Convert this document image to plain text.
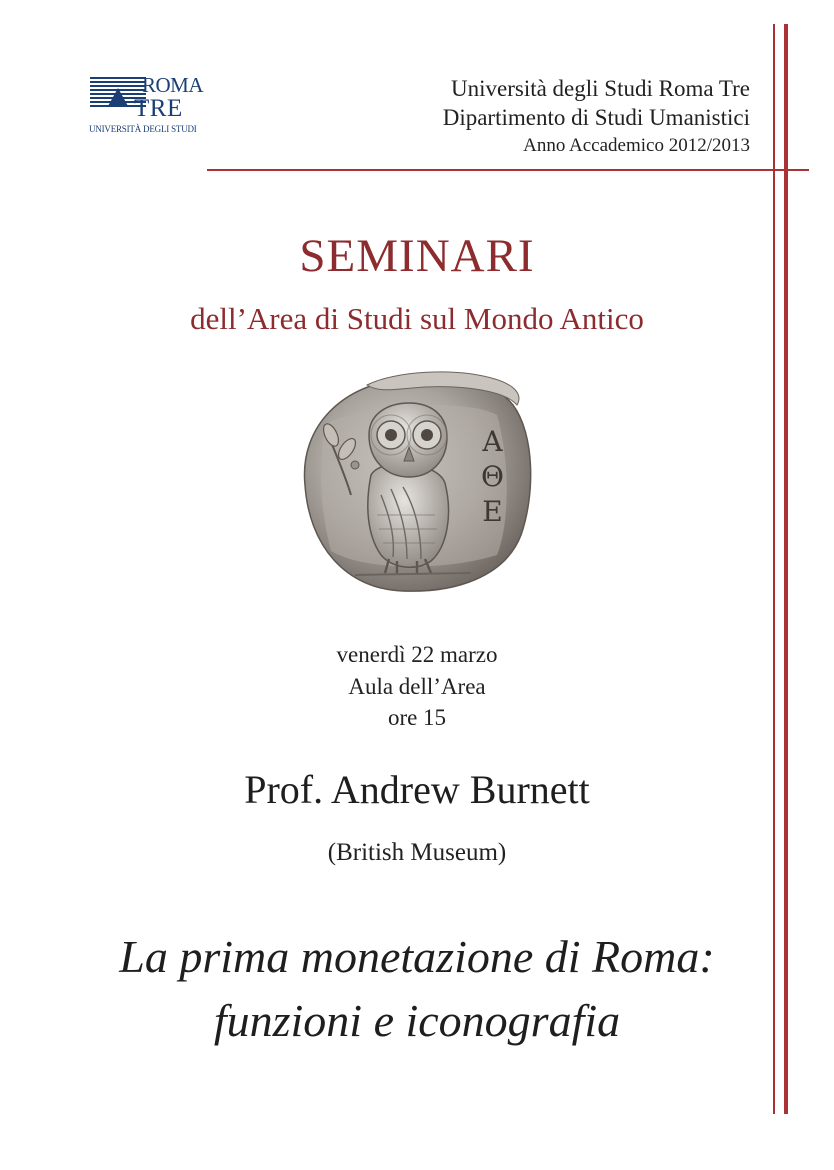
ROMA
TRE
UNIVERSITÀ DEGLI STUDI
Università degli Studi Roma Tre
Dipartimento di Studi Umanistici
Anno Accademico 2012/2013
SEMINARI
dell’Area di Studi sul Mondo Antico
ΑΘΕ
venerdì 22 marzo
Aula dell’Area
ore 15
Prof. Andrew Burnett
(British Museum)
La prima monetazione di Roma:
funzioni e iconografia
